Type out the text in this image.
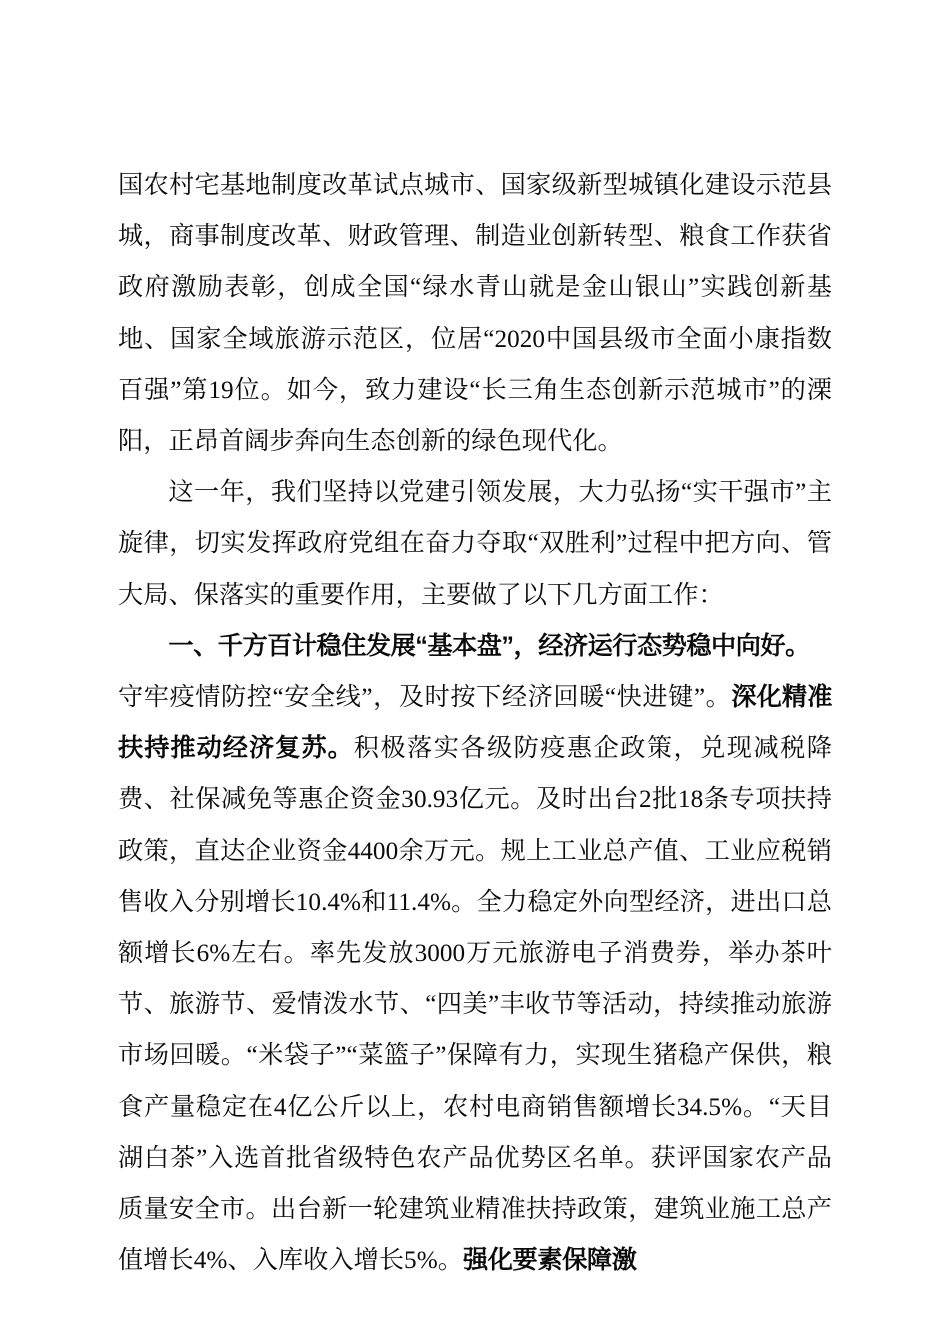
国农村宅基地制度改革试点城市、国家级新型城镇化建设示范县城，商事制度改革、财政管理、制造业创新转型、粮食工作获省政府激励表彰，创成全国“绿水青山就是金山银山”实践创新基地、国家全域旅游示范区，位居“2020中国县级市全面小康指数百强”第19位。如今，致力建设“长三角生态创新示范城市”的溧阳，正昂首阔步奔向生态创新的绿色现代化。

这一年，我们坚持以党建引领发展，大力弘扬“实干强市”主旋律，切实发挥政府党组在奋力夺取“双胜利”过程中把方向、管大局、保落实的重要作用，主要做了以下几方面工作：

一、千方百计稳住发展“基本盘”，经济运行态势稳中向好。

守牢疫情防控“安全线”，及时按下经济回暖“快进键”。深化精准扶持推动经济复苏。积极落实各级防疫惠企政策，兑现减税降费、社保减免等惠企资金30.93亿元。及时出台2批18条专项扶持政策，直达企业资金4400余万元。规上工业总产值、工业应税销售收入分别增长10.4%和11.4%。全力稳定外向型经济，进出口总额增长6%左右。率先发放3000万元旅游电子消费券，举办茶叶节、旅游节、爱情泼水节、“四美”丰收节等活动，持续推动旅游市场回暖。“米袋子”“菜篮子”保障有力，实现生猪稳产保供，粮食产量稳定在4亿公斤以上，农村电商销售额增长34.5%。“天目湖白茶”入选首批省级特色农产品优势区名单。获评国家农产品质量安全市。出台新一轮建筑业精准扶持政策，建筑业施工总产值增长4%、入库收入增长5%。强化要素保障激
